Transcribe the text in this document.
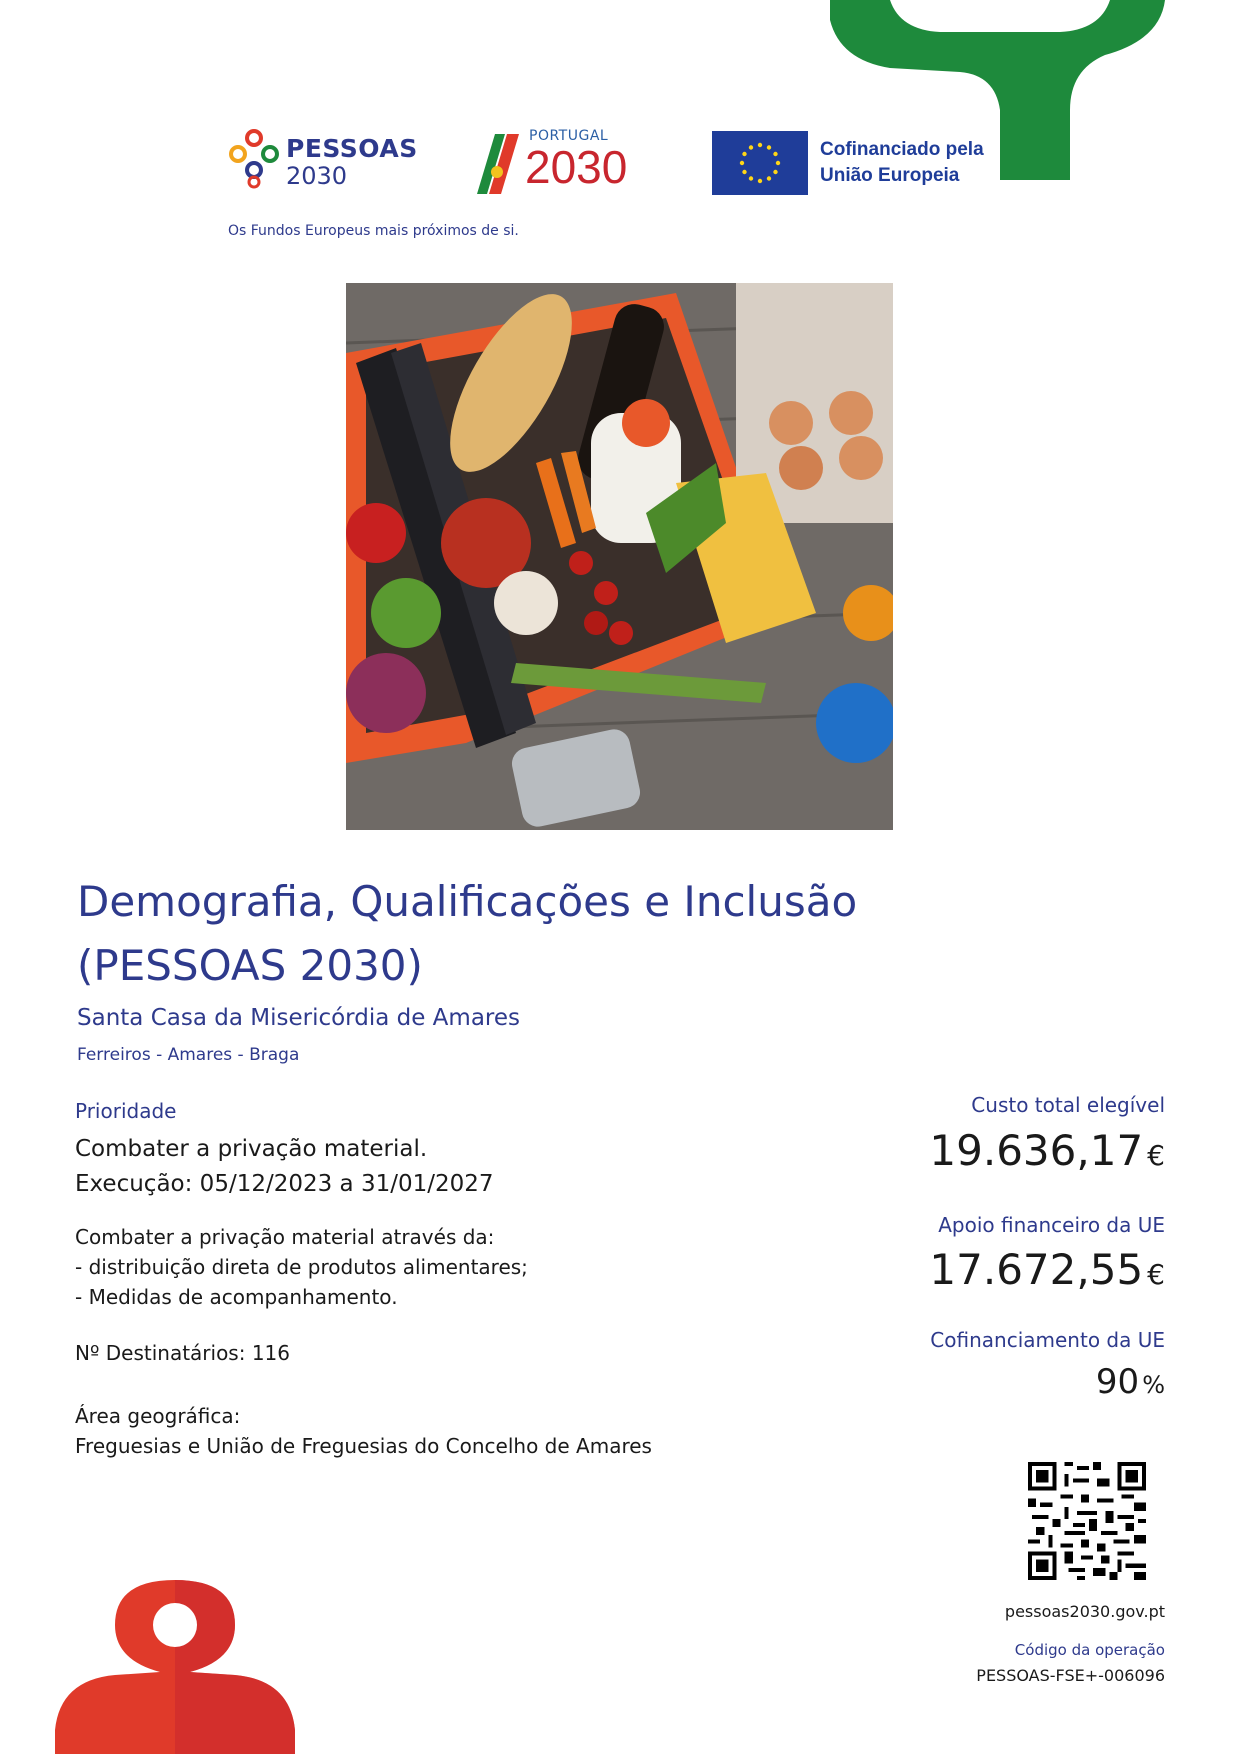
PESSOAS
2030
Os Fundos Europeus mais próximos de si.
PORTUGAL
2030	Cofinanciado pela
União Europeia
Demografia, Qualificações e Inclusão
(PESSOAS 2030)
Santa Casa da Misericórdia de Amares
Ferreiros - Amares - Braga
Prioridade
Combater a privação material.
Execução: 05/12/2023 a 31/01/2027
Combater a privação material através da:
- distribuição direta de produtos alimentares;
- Medidas de acompanhamento.
Nº Destinatários: 116
Área geográfica:
Freguesias e União de Freguesias do Concelho de Amares
Custo total elegível
19.636,17 €
Apoio financeiro da UE
17.672,55 €
Cofinanciamento da UE
90 %
pessoas2030.gov.pt
Código da operação
PESSOAS-FSE+-006096
